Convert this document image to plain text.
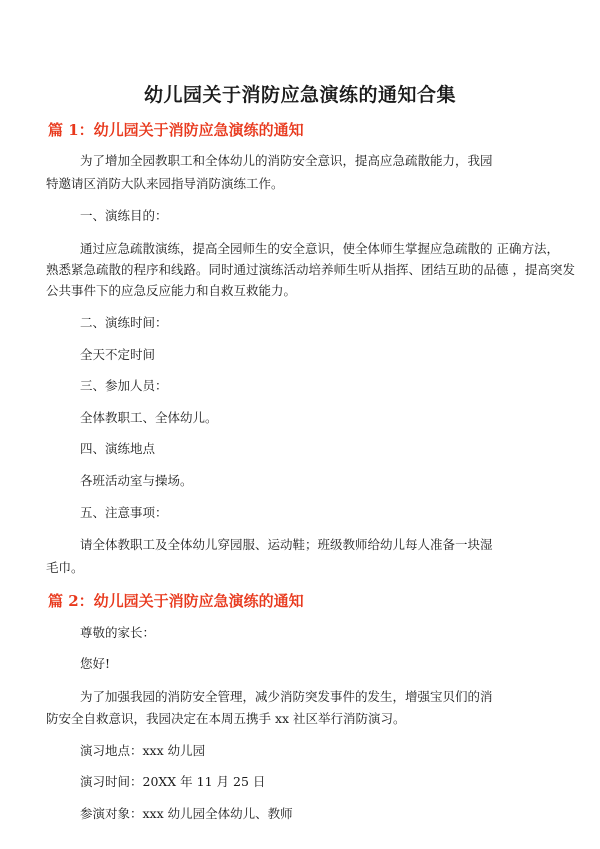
幼儿园关于消防应急演练的通知合集
篇 1：幼儿园关于消防应急演练的通知
为了增加全园教职工和全体幼儿的消防安全意识，提高应急疏散能力，我园
特邀请区消防大队来园指导消防演练工作。
一、演练目的：
通过应急疏散演练，提高全园师生的安全意识，使全体师生掌握应急疏散的 正确方法，
熟悉紧急疏散的程序和线路。同时通过演练活动培养师生听从指挥、团结互助的品德 ，提高突发
公共事件下的应急反应能力和自救互救能力。
二、演练时间：
全天不定时间
三、参加人员：
全体教职工、全体幼儿。
四、演练地点
各班活动室与操场。
五、注意事项：
请全体教职工及全体幼儿穿园服、运动鞋；班级教师给幼儿每人准备一块湿
毛巾。
篇 2：幼儿园关于消防应急演练的通知
尊敬的家长：
您好!
为了加强我园的消防安全管理，减少消防突发事件的发生，增强宝贝们的消
防安全自救意识，我园决定在本周五携手 xx 社区举行消防演习。
演习地点：xxx 幼儿园
演习时间：20XX 年 11 月 25 日
参演对象：xxx 幼儿园全体幼儿、教师
